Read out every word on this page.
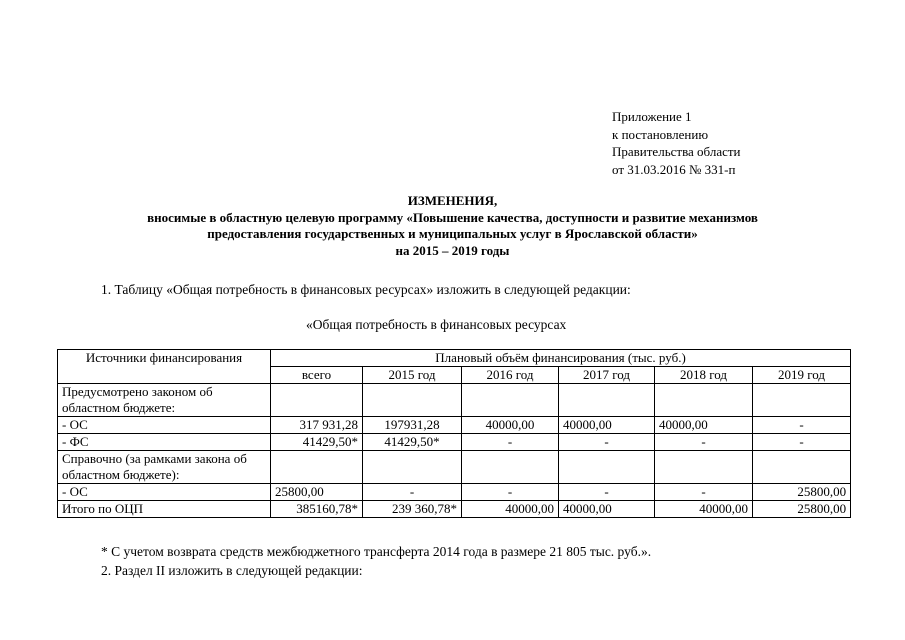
Приложение 1
к постановлению
Правительства области
от 31.03.2016 № 331-п
ИЗМЕНЕНИЯ,
вносимые в областную целевую программу «Повышение качества, доступности и развитие механизмов
предоставления государственных и муниципальных услуг в Ярославской области»
на 2015 – 2019 годы
1. Таблицу «Общая потребность в финансовых ресурсах» изложить в следующей редакции:
«Общая потребность в финансовых ресурсах
Источники финансирования	Плановый объём финансирования (тыс. руб.)					
	всего	2015 год	2016 год	2017 год	2018 год	2019 год
Предусмотрено законом об областном бюджете:						
- ОС	317 931,28	197931,28	40000,00	40000,00	40000,00	-
- ФС	41429,50*	41429,50*	-	-	-	-
Справочно (за рамками закона об областном бюджете):						
- ОС	25800,00	-	-	-	-	25800,00
Итого по ОЦП	385160,78*	239 360,78*	40000,00	40000,00	40000,00	25800,00
* С учетом возврата средств межбюджетного трансферта 2014 года в размере 21 805 тыс. руб.».
2. Раздел II изложить в следующей редакции:
